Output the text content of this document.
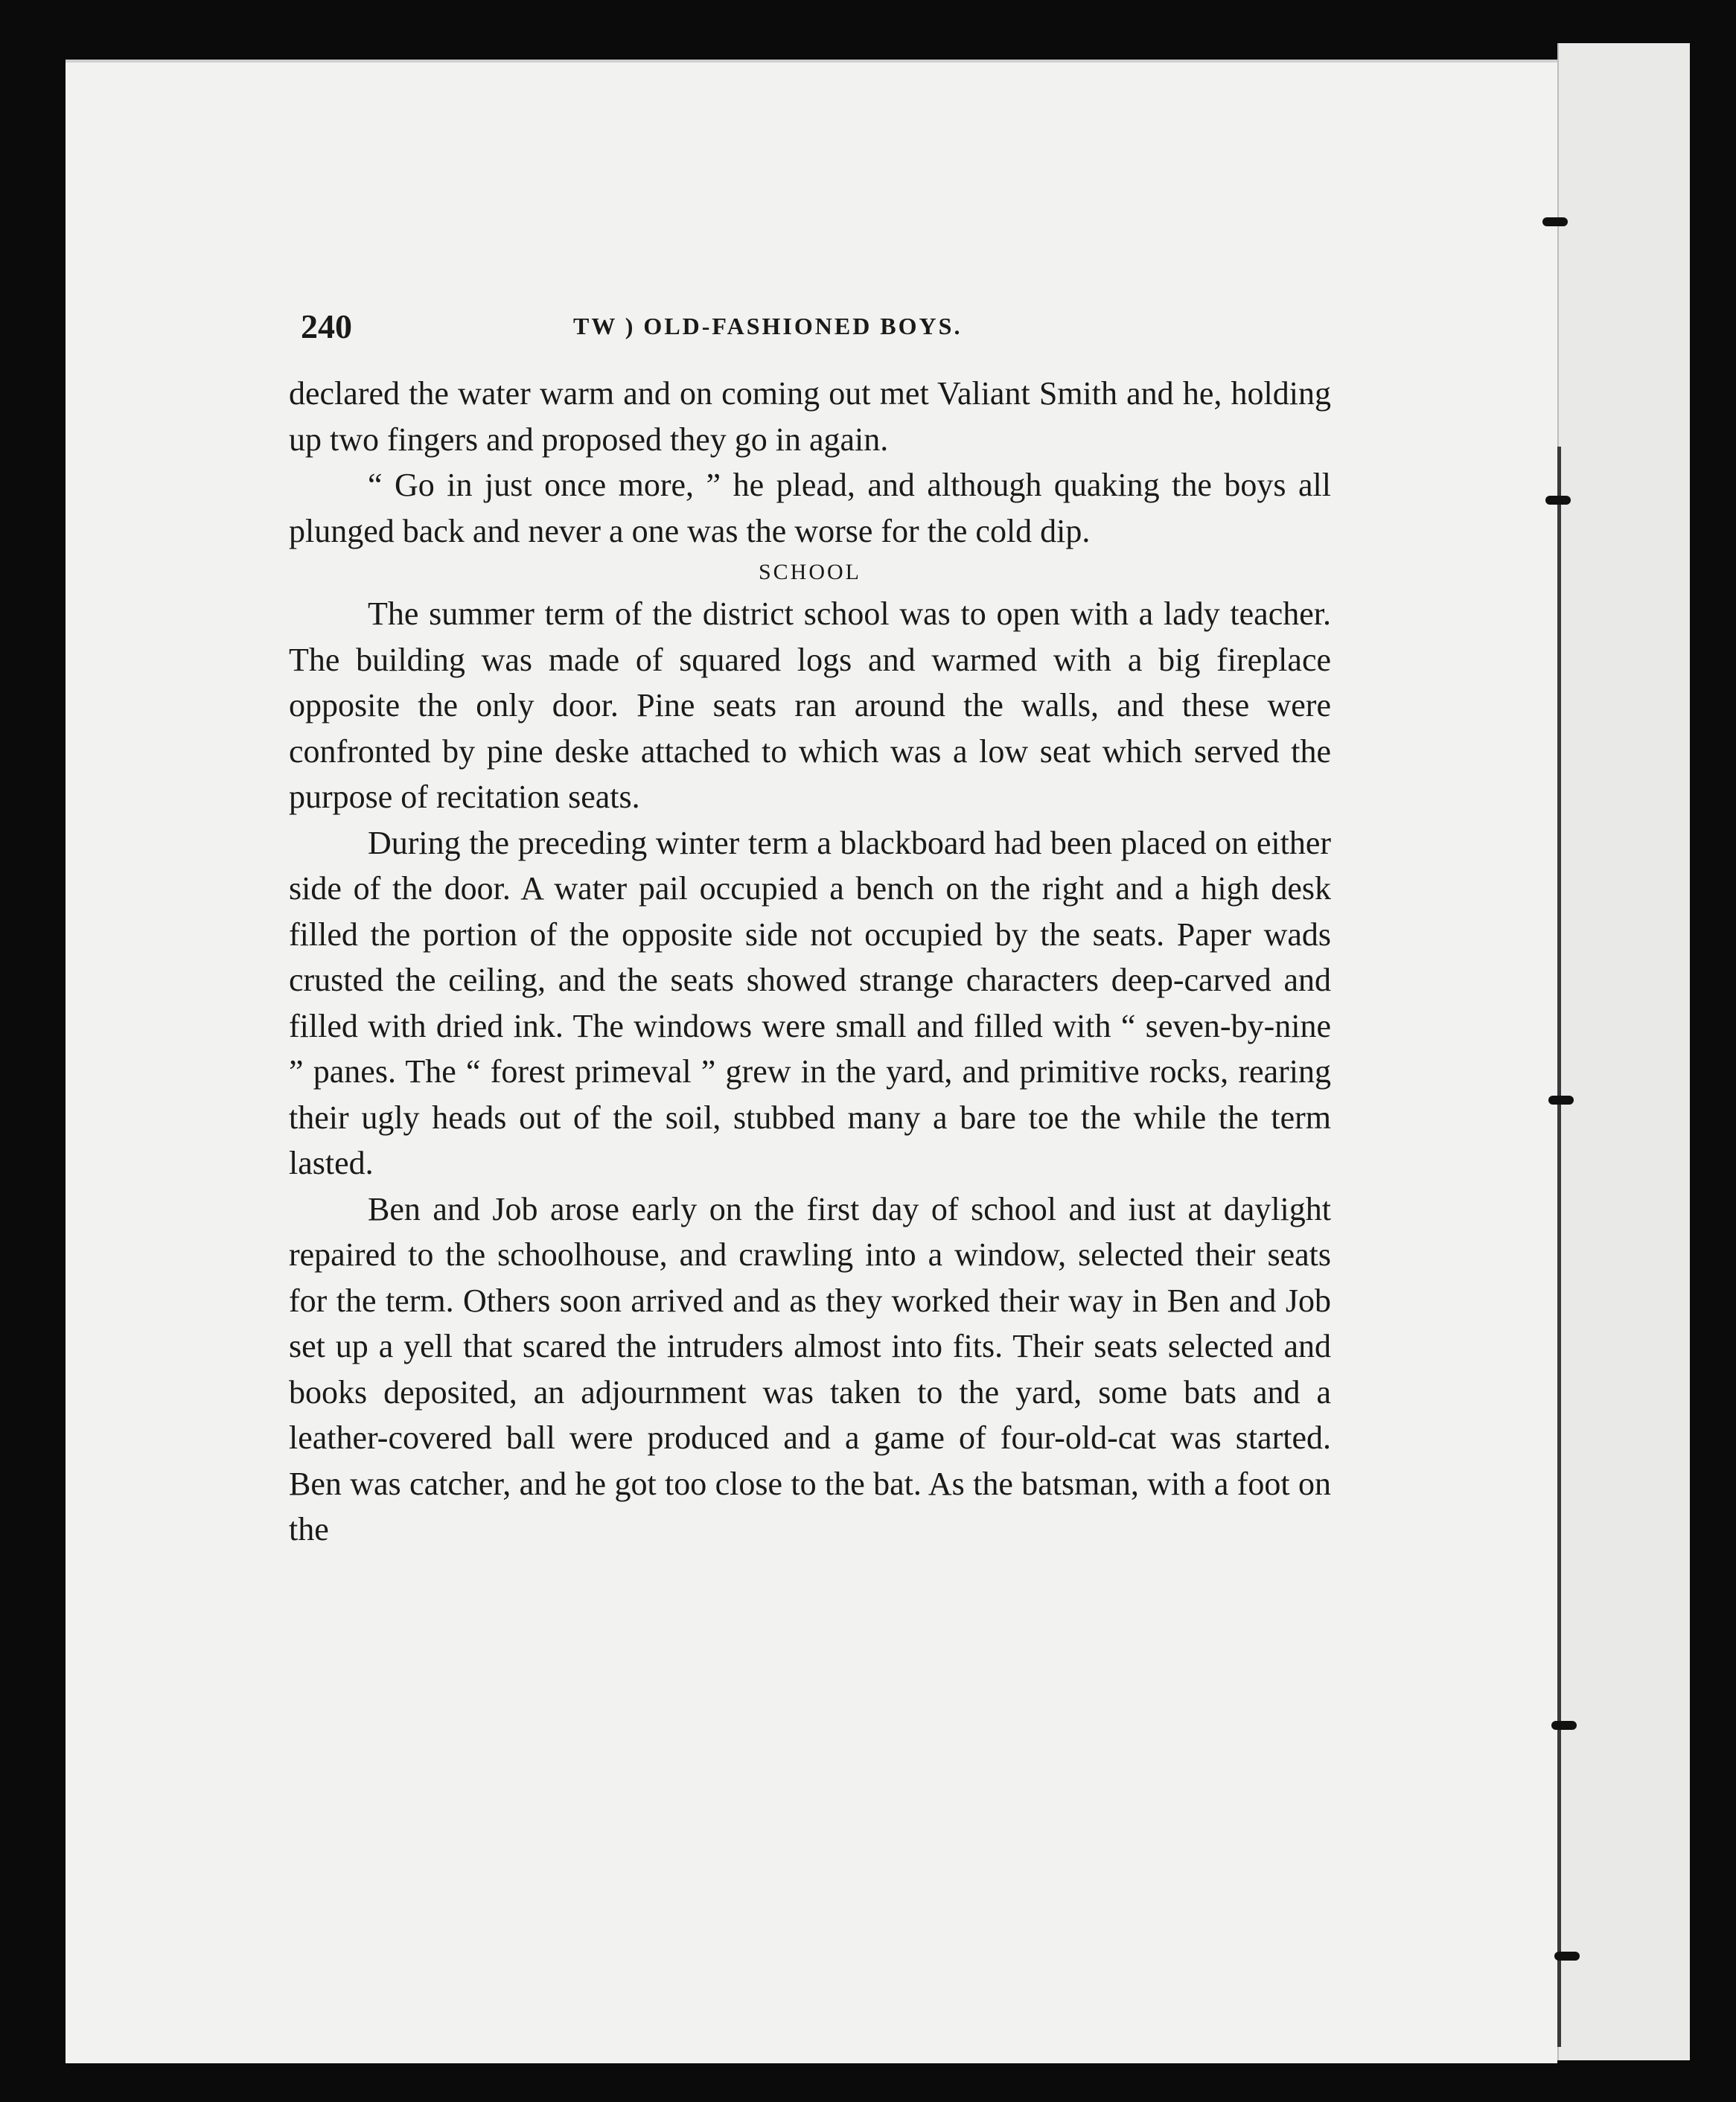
240	TW ) OLD-FASHIONED BOYS.

declared the water warm and on coming out met Valiant Smith and he, holding up two fingers and proposed they go in again.

“ Go in just once more, ” he plead, and although quaking the boys all plunged back and never a one was the worse for the cold dip.

SCHOOL

The summer term of the district school was to open with a lady teacher. The building was made of squared logs and warmed with a big fireplace opposite the only door. Pine seats ran around the walls, and these were confronted by pine deske attached to which was a low seat which served the purpose of recitation seats.

During the preceding winter term a blackboard had been placed on either side of the door. A water pail occupied a bench on the right and a high desk filled the portion of the opposite side not occupied by the seats. Paper wads crusted the ceiling, and the seats showed strange characters deep-carved and filled with dried ink. The windows were small and filled with “ seven-by-nine ” panes. The “ forest primeval ” grew in the yard, and primitive rocks, rearing their ugly heads out of the soil, stubbed many a bare toe the while the term lasted.

Ben and Job arose early on the first day of school and iust at daylight repaired to the schoolhouse, and crawling into a window, selected their seats for the term. Others soon arrived and as they worked their way in Ben and Job set up a yell that scared the intruders almost into fits. Their seats selected and books deposited, an adjournment was taken to the yard, some bats and a leather-covered ball were produced and a game of four-old-cat was started. Ben was catcher, and he got too close to the bat. As the batsman, with a foot on the
